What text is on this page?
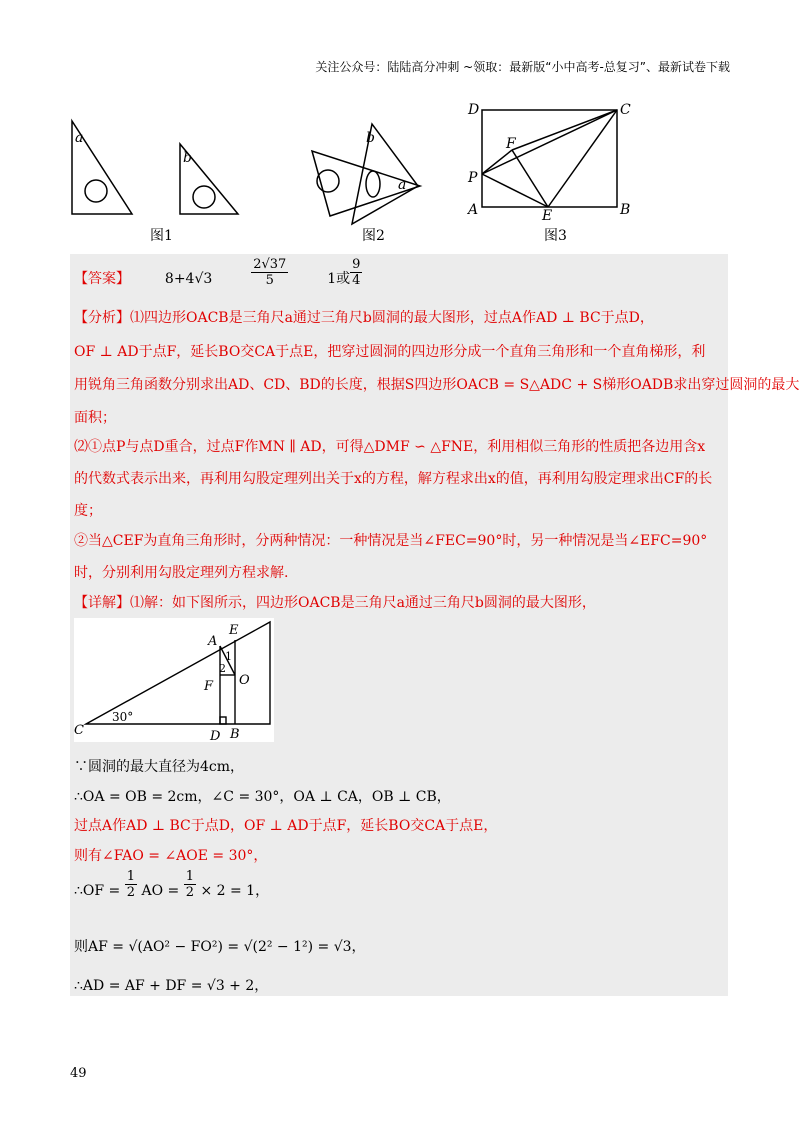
关注公众号：陆陆高分冲刺 ~领取：最新版“小中高考-总复习”、最新试卷下载
a
b
b
a
D	C
F
P
A	E	B
图1	图2	图3
【答案】 8+4√3	$\frac{2√37}{5}$	1或 $\frac{9}{4}$
【分析】⑴四边形OACB是三角尺a通过三角尺b圆洞的最大图形，过点A作AD ⊥ BC于点D，
OF ⊥ AD于点F，延长BO交CA于点E，把穿过圆洞的四边形分成一个直角三角形和一个直角梯形，利
用锐角三角函数分别求出AD、CD、BD的长度，根据S四边形OACB = S△ADC + S梯形OADB求出穿过圆洞的最大
面积；
⑵①点P与点D重合，过点F作MN ∥ AD，可得△DMF ∽ △FNE，利用相似三角形的性质把各边用含x
的代数式表示出来，再利用勾股定理列出关于x的方程，解方程求出x的值，再利用勾股定理求出CF的长
度；
②当△CEF为直角三角形时，分两种情况：一种情况是当∠FEC=90°时，另一种情况是当∠EFC=90°
时，分别利用勾股定理列方程求解.
【详解】⑴解：如下图所示，四边形OACB是三角尺a通过三角尺b圆洞的最大图形，
A
E
1
2
F O
C
30°
D B
∵圆洞的最大直径为4cm，
∴OA = OB = 2cm，∠C = 30°，OA ⊥ CA，OB ⊥ CB，
过点A作AD ⊥ BC于点D，OF ⊥ AD于点F，延长BO交CA于点E，
则有∠FAO = ∠AOE = 30°，
∴OF = $\frac{1}{2}$ AO = $\frac{1}{2} \times 2 = 1$，
则AF = √(AO² − FO²) = √(2² − 1²) = √3，
∴AD = AF + DF = √3 + 2，
49
